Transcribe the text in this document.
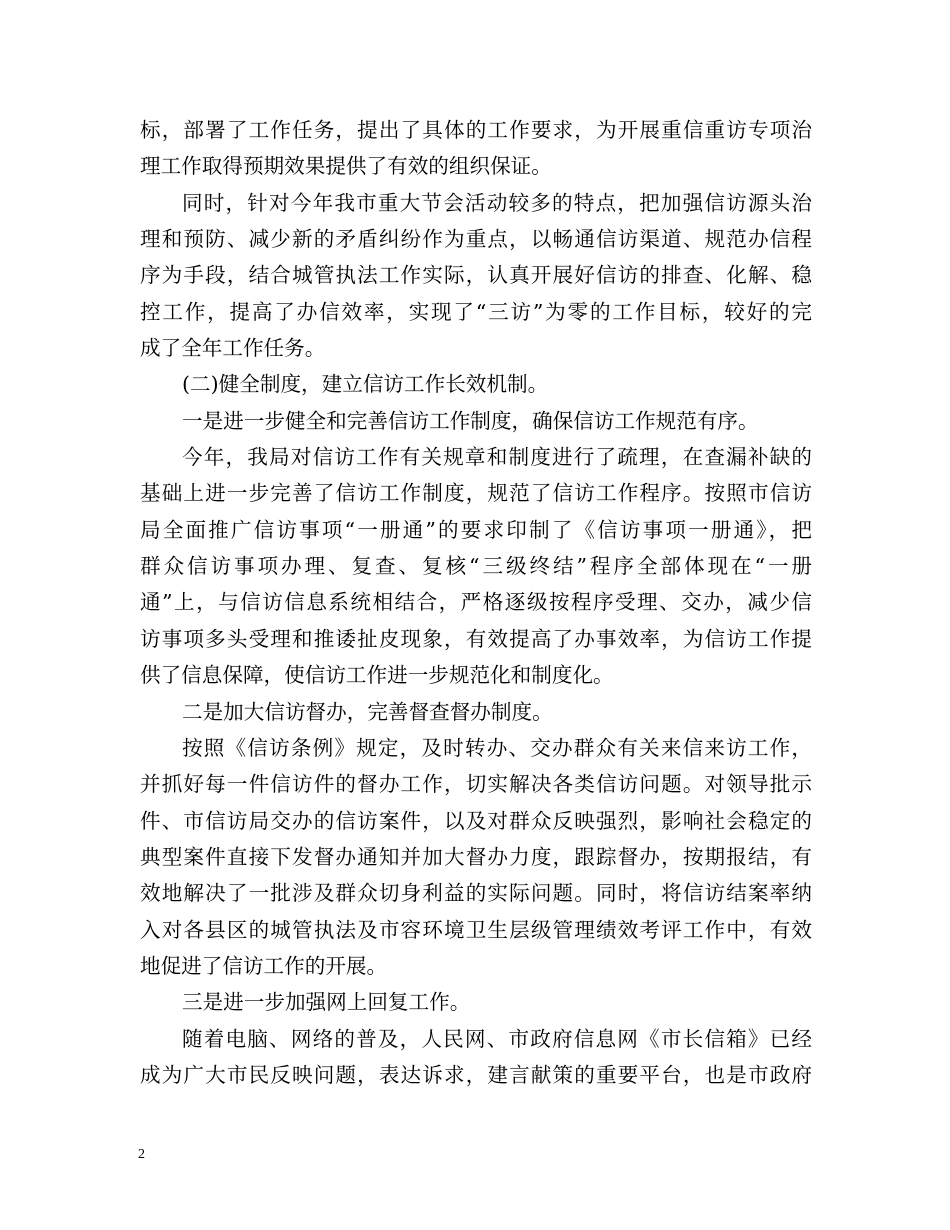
标，部署了工作任务，提出了具体的工作要求，为开展重信重访专项治
理工作取得预期效果提供了有效的组织保证。
同时，针对今年我市重大节会活动较多的特点，把加强信访源头治
理和预防、减少新的矛盾纠纷作为重点，以畅通信访渠道、规范办信程
序为手段，结合城管执法工作实际，认真开展好信访的排查、化解、稳
控工作，提高了办信效率，实现了“三访”为零的工作目标，较好的完
成了全年工作任务。
(二)健全制度，建立信访工作长效机制。
一是进一步健全和完善信访工作制度，确保信访工作规范有序。
今年，我局对信访工作有关规章和制度进行了疏理，在查漏补缺的
基础上进一步完善了信访工作制度，规范了信访工作程序。按照市信访
局全面推广信访事项“一册通”的要求印制了《信访事项一册通》，把
群众信访事项办理、复查、复核“三级终结”程序全部体现在“一册
通”上，与信访信息系统相结合，严格逐级按程序受理、交办，减少信
访事项多头受理和推诿扯皮现象，有效提高了办事效率，为信访工作提
供了信息保障，使信访工作进一步规范化和制度化。
二是加大信访督办，完善督查督办制度。
按照《信访条例》规定，及时转办、交办群众有关来信来访工作，
并抓好每一件信访件的督办工作，切实解决各类信访问题。对领导批示
件、市信访局交办的信访案件，以及对群众反映强烈，影响社会稳定的
典型案件直接下发督办通知并加大督办力度，跟踪督办，按期报结，有
效地解决了一批涉及群众切身利益的实际问题。同时，将信访结案率纳
入对各县区的城管执法及市容环境卫生层级管理绩效考评工作中，有效
地促进了信访工作的开展。
三是进一步加强网上回复工作。
随着电脑、网络的普及，人民网、市政府信息网《市长信箱》已经
成为广大市民反映问题，表达诉求，建言献策的重要平台，也是市政府
2
